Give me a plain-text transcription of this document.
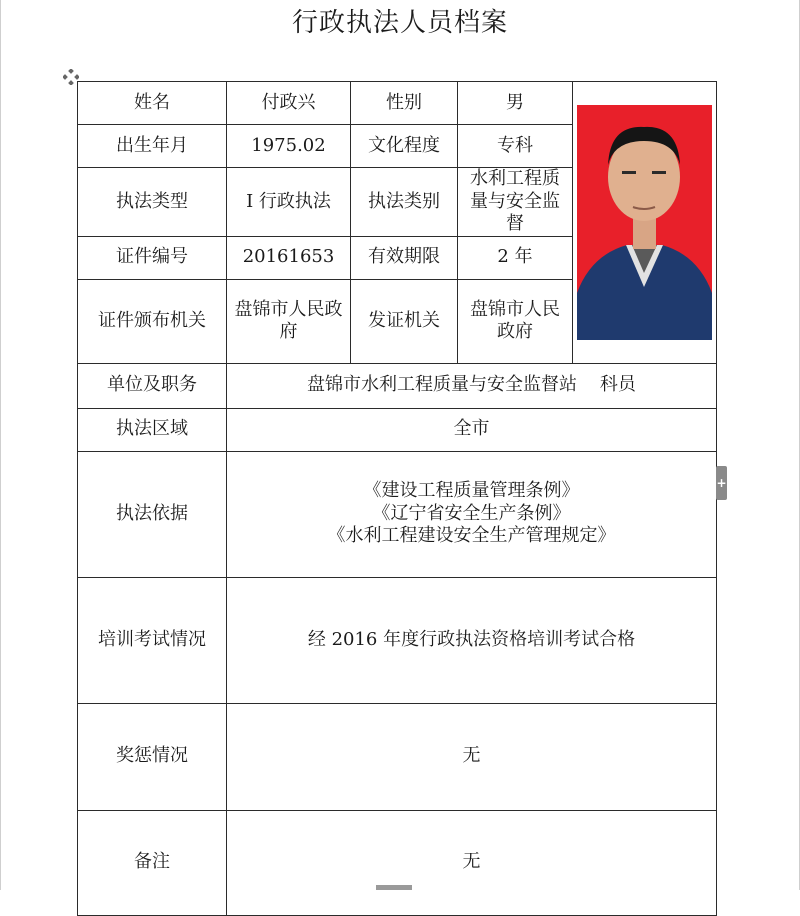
行政执法人员档案
姓名	付政兴	性别	男	

出生年月	1975.02	文化程度	专科	
执法类型	I 行政执法	执法类别	水利工程质量与安全监督	
证件编号	20161653	有效期限	2 年	
证件颁布机关	盘锦市人民政府	发证机关	盘锦市人民政府	
单位及职务	盘锦市水利工程质量与安全监督站    科员			
执法区域	全市			
执法依据	《建设工程质量管理条例》
《辽宁省安全生产条例》
《水利工程建设安全生产管理规定》			

培训考试情况	经 2016 年度行政执法资格培训考试合格			
奖惩情况	无			
备注	无			
+
